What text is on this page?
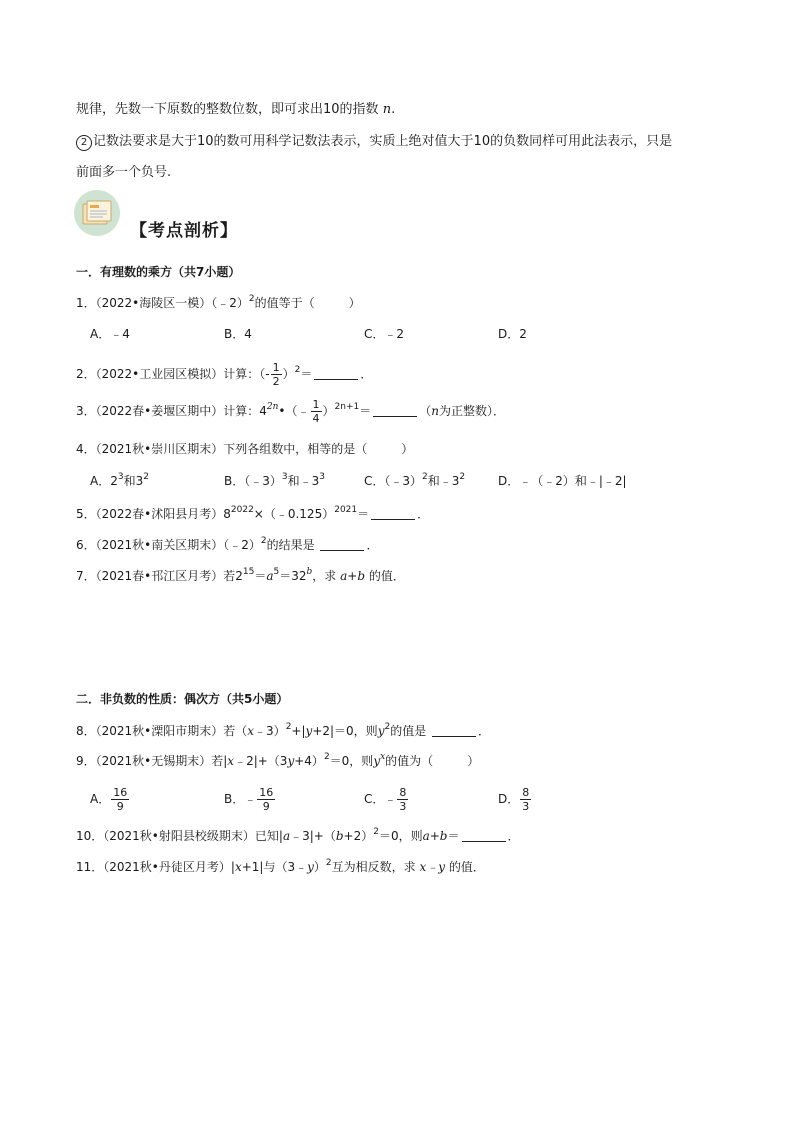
规律，先数一下原数的整数位数，即可求出10的指数 n.
2 记数法要求是大于10的数可用科学记数法表示，实质上绝对值大于10的负数同样可用此法表示，只是
前面多一个负号.
【考点剖析】
一．有理数的乘方（共7小题）
1．（2022•海陵区一模）（﹣2）$^2$的值等于（	）
A．﹣4	B．4	C．﹣2	D．2
2．（2022•工业园区模拟）计算：（- $\frac{1}{2} )^2=$	．
3．（2022春•姜堰区期中）计算：$4^{2n}•(﹣ \frac{1}{4} )^{2n+1}=$	（n为正整数）．
4．（2021秋•崇川区期末）下列各组数中，相等的是（	）
A．$2^3$和$3^2$	B．（﹣3）$^3$和$﹣3^3$	C．（﹣3）$^2$和$﹣3^2$	D．﹣（﹣2）和﹣|﹣2|
5．（2022春•沭阳县月考）$8^{2022}\times(﹣0.125)^{2021}=$	．
6．（2021秋•南关区期末）（﹣2）$^2$的结果是	．
7．（2021春•邗江区月考）若$2^{15}=a^5=32^b$，求 a+b 的值．
二．非负数的性质：偶次方（共5小题）
8．（2021秋•溧阳市期末）若（x﹣3）$^2$+|y+2|＝0，则$y^2$的值是	．
9．（2021秋•无锡期末）若$|x﹣2|+(3y+4)^2=0$，则$y^x$的值为（	）
A． $\frac{16}{9}$	B．﹣ $\frac{16}{9}$	C．﹣ $\frac{8}{3}$	D． $\frac{8}{3}$
10．（2021秋•射阳县校级期末）已知$|a﹣3|+(b+2)^2=0$，则a+b＝	．
11．（2021秋•丹徒区月考）|x+1|与（3﹣y）$^2$互为相反数，求 x﹣y 的值．
